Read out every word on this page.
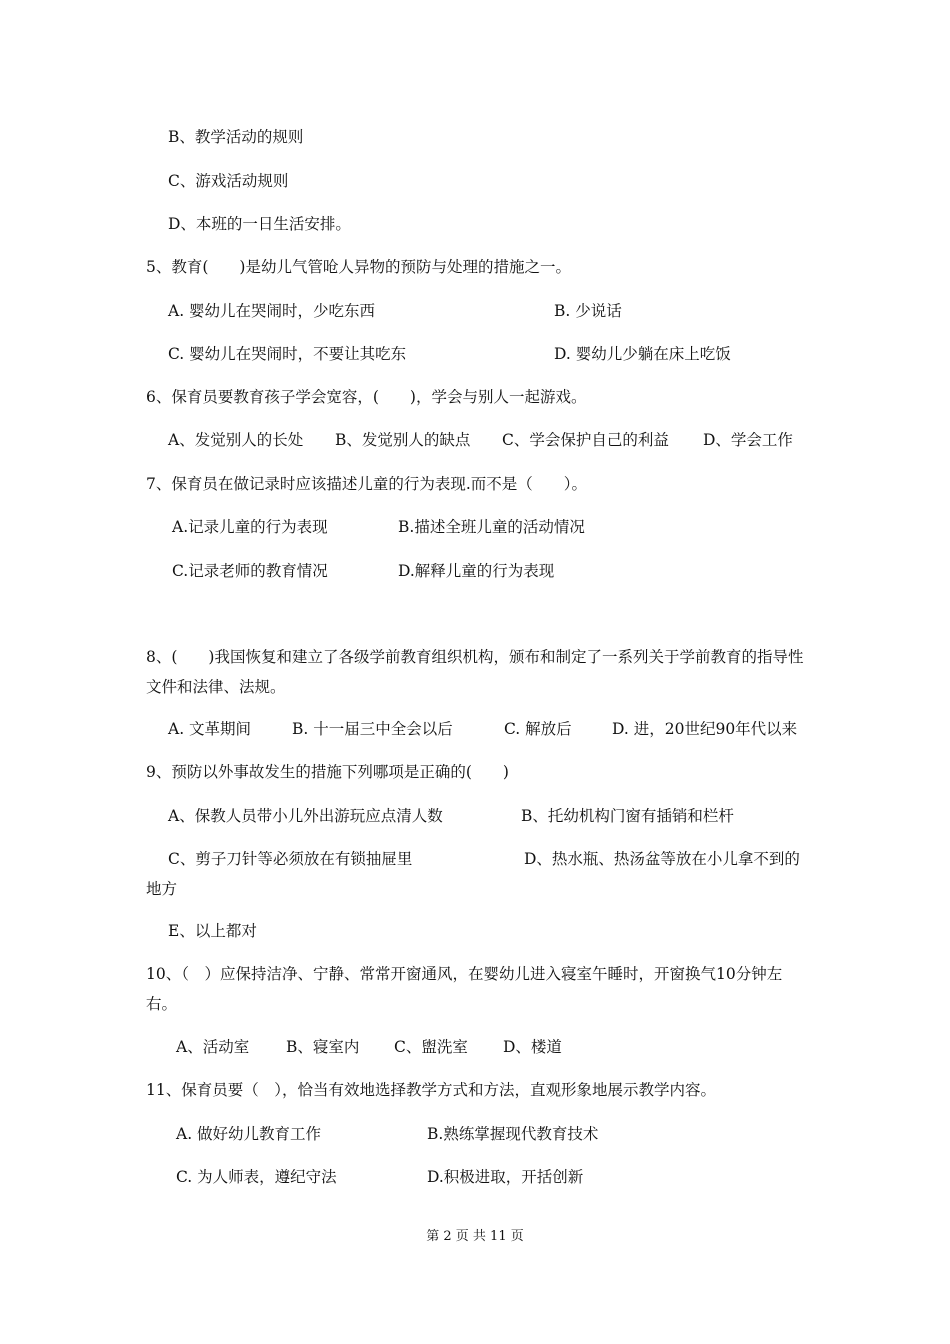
B、教学活动的规则
C、游戏活动规则
D、本班的一日生活安排。
5、教育(　　)是幼儿气管呛人异物的预防与处理的措施之一。
A. 婴幼儿在哭闹时，少吃东西	B. 少说话
C. 婴幼儿在哭闹时，不要让其吃东	D. 婴幼儿少躺在床上吃饭
6、保育员要教育孩子学会宽容，(　　)，学会与别人一起游戏。
A、发觉别人的长处 B、发觉别人的缺点 C、学会保护自己的利益 D、学会工作
7、保育员在做记录时应该描述儿童的行为表现.而不是（　　）。
A.记录儿童的行为表现	B.描述全班儿童的活动情况
C.记录老师的教育情况	D.解释儿童的行为表现
8、(　　)我国恢复和建立了各级学前教育组织机构，颁布和制定了一系列关于学前教育的指导性文件和法律、法规。
A. 文革期间	B. 十一届三中全会以后	C. 解放后	D. 进，20世纪90年代以来
9、预防以外事故发生的措施下列哪项是正确的(　　)
A、保教人员带小儿外出游玩应点清人数	B、托幼机构门窗有插销和栏杆
C、剪子刀针等必须放在有锁抽屉里	D、热水瓶、热汤盆等放在小儿拿不到的地方
E、以上都对
10、（　）应保持洁净、宁静、常常开窗通风，在婴幼儿进入寝室午睡时，开窗换气10分钟左右。
A、活动室 B、寝室内 C、盥洗室 D、楼道
11、保育员要（　），恰当有效地选择教学方式和方法，直观形象地展示教学内容。
A. 做好幼儿教育工作	B.熟练掌握现代教育技术
C. 为人师表，遵纪守法	D.积极进取，开括创新
第 2 页 共 11 页
